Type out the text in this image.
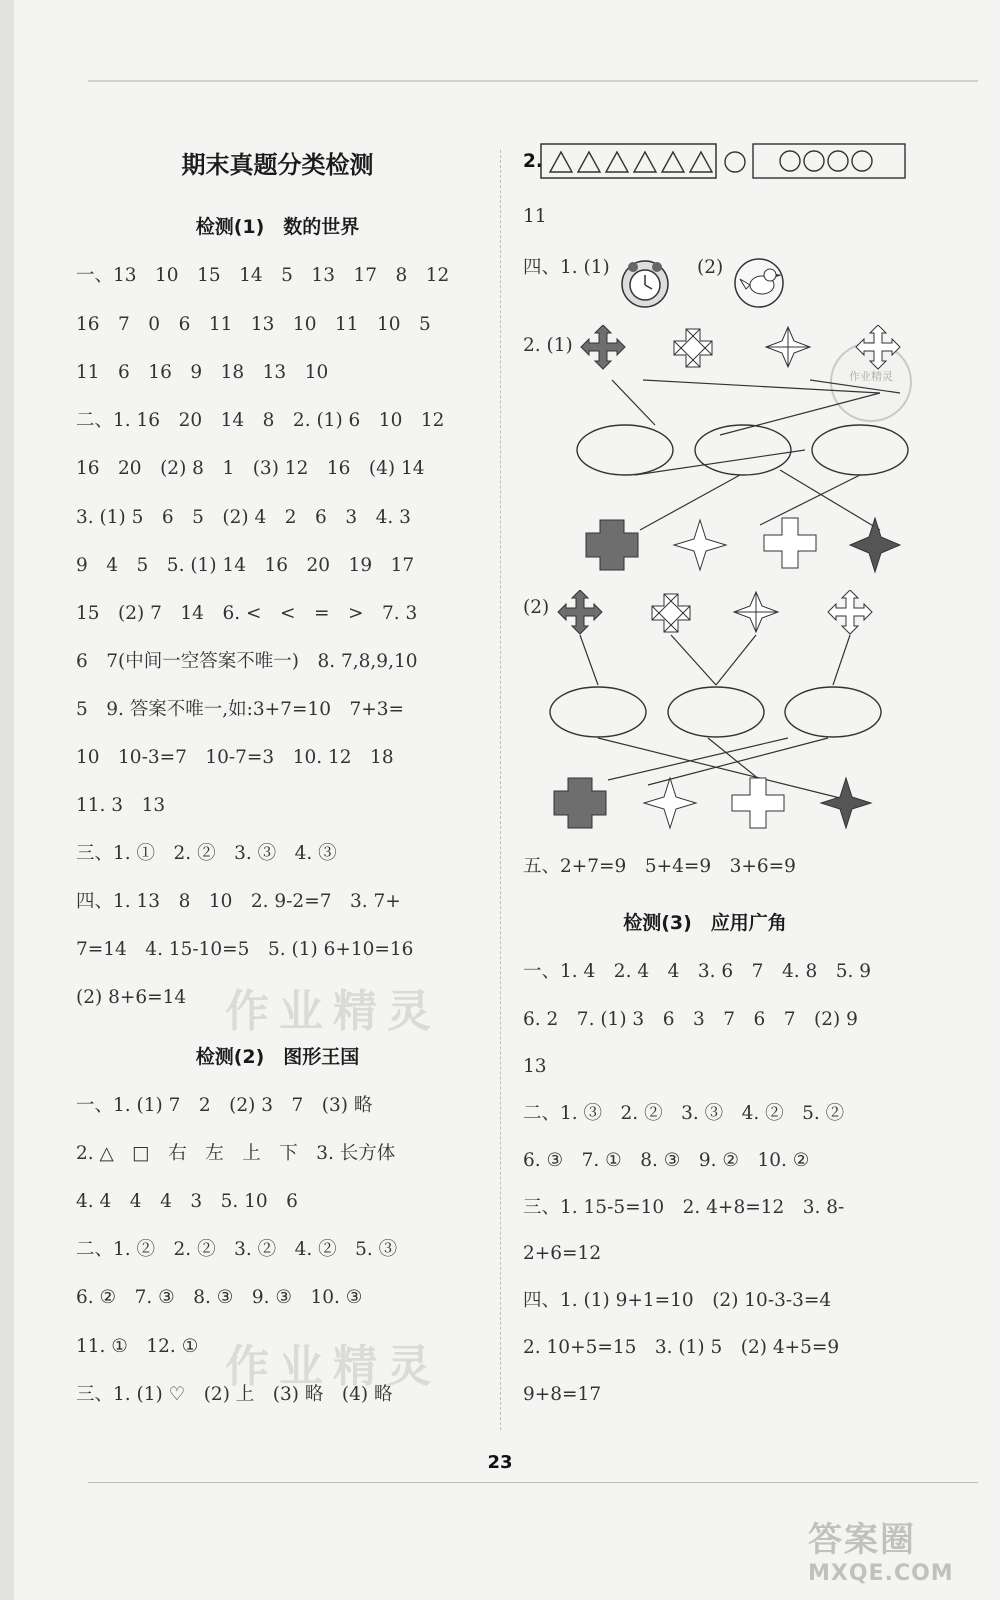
期末真题分类检测
检测(1)　数的世界
一、13　10　15　14　5　13　17　8　12
16　7　0　6　11　13　10　11　10　5
11　6　16　9　18　13　10
二、1. 16　20　14　8　2. (1) 6　10　12
16　20　(2) 8　1　(3) 12　16　(4) 14
3. (1) 5　6　5　(2) 4　2　6　3　4. 3
9　4　5　5. (1) 14　16　20　19　17
15　(2) 7　14　6. <　<　=　>　7. 3
6　7(中间一空答案不唯一)　8. 7,8,9,10
5　9. 答案不唯一,如:3+7=10　7+3=
10　10-3=7　10-7=3　10. 12　18
11. 3　13
三、1. ①　2. ②　3. ③　4. ③
四、1. 13　8　10　2. 9-2=7　3. 7+
7=14　4. 15-10=5　5. (1) 6+10=16
(2) 8+6=14
检测(2)　图形王国
一、1. (1) 7　2　(2) 3　7　(3) 略
2. △　□　右　左　上　下　3. 长方体
4. 4　4　4　3　5. 10　6
二、1. ②　2. ②　3. ②　4. ②　5. ③
6. ②　7. ③　8. ③　9. ③　10. ③
11. ①　12. ①
三、1. (1) ♡　(2) 上　(3) 略　(4) 略
作业精灵
作业精灵
2.
11
四、1. (1)	(2)
2. (1)
(2)
五、2+7=9　5+4=9　3+6=9
作业精灵
检测(3)　应用广角
一、1. 4　2. 4　4　3. 6　7　4. 8　5. 9
6. 2　7. (1) 3　6　3　7　6　7　(2) 9
13
二、1. ③　2. ②　3. ③　4. ②　5. ②
6. ③　7. ①　8. ③　9. ②　10. ②
三、1. 15-5=10　2. 4+8=12　3. 8-
2+6=12
四、1. (1) 9+1=10　(2) 10-3-3=4
2. 10+5=15　3. (1) 5　(2) 4+5=9
9+8=17
23
答案圈
MXQE.COM
